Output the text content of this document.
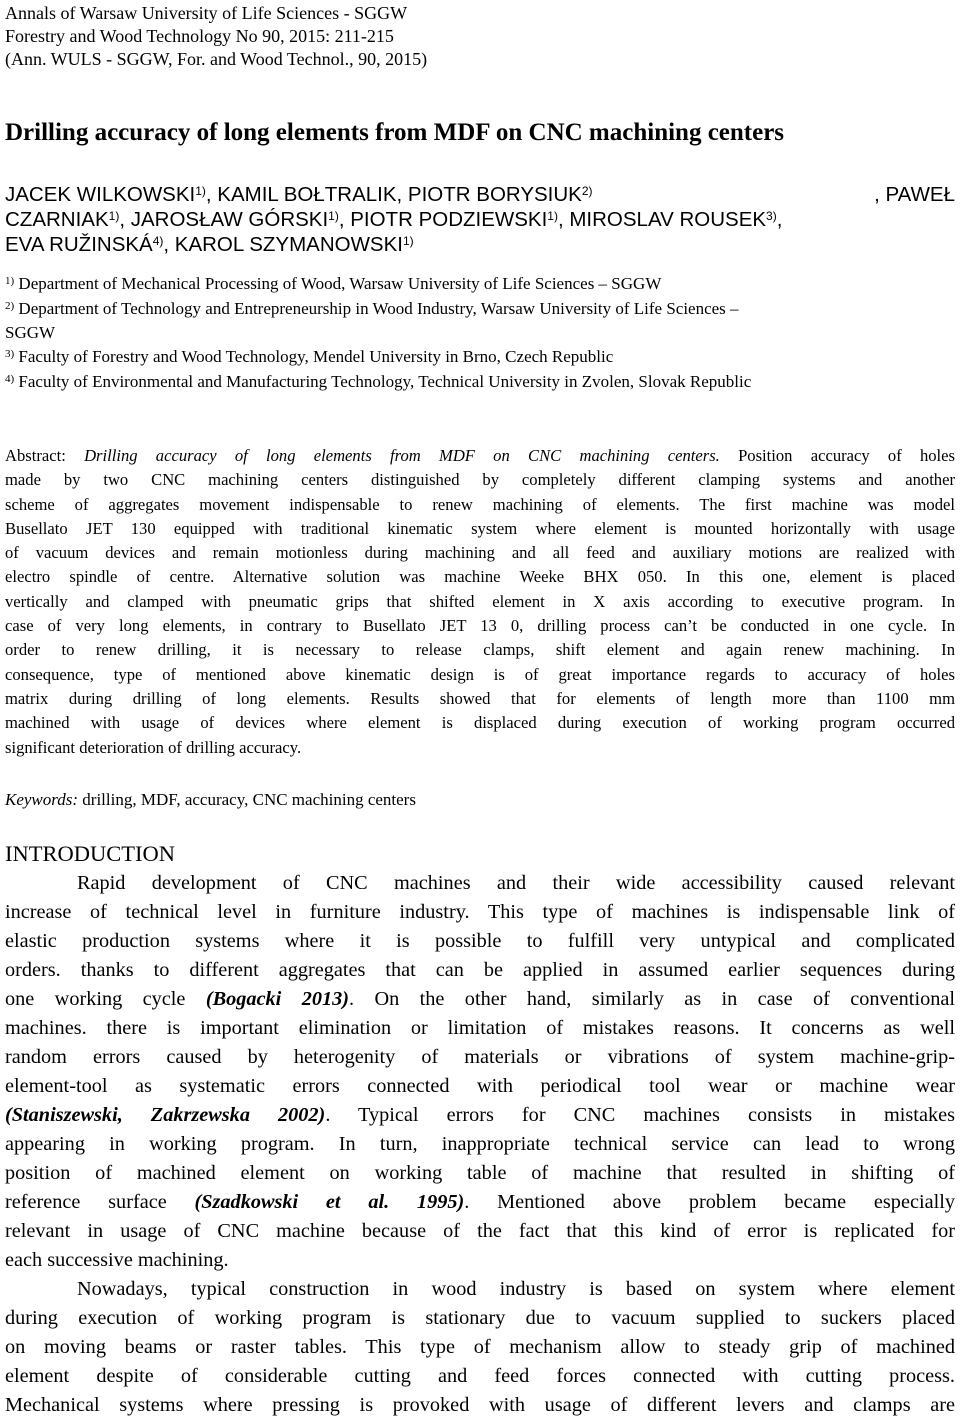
Annals of Warsaw University of Life Sciences - SGGW
Forestry and Wood Technology No 90, 2015: 211-215
(Ann. WULS - SGGW, For. and Wood Technol., 90, 2015)
Drilling accuracy of long elements from MDF on CNC machining centers
JACEK WILKOWSKI$^{1)}$, KAMIL BOŁTRALIK, PIOTR BORYSIUK$^{2)}$	, PAWEŁ
CZARNIAK$^{1)}$, JAROSŁAW GÓRSKI$^{1)}$, PIOTR PODZIEWSKI$^{1)}$, MIROSLAV ROUSEK$^{3)}$,
EVA RUŽINSKÁ$^{4)}$, KAROL SZYMANOWSKI$^{1)}$
$^{1)}$ Department of Mechanical Processing of Wood, Warsaw University of Life Sciences – SGGW
$^{2)}$ Department of Technology and Entrepreneurship in Wood Industry, Warsaw University of Life Sciences –
SGGW
$^{3)}$ Faculty of Forestry and Wood Technology, Mendel University in Brno, Czech Republic
$^{4)}$ Faculty of Environmental and Manufacturing Technology, Technical University in Zvolen, Slovak Republic
Abstract: Drilling accuracy of long elements from MDF on CNC machining centers. Position accuracy of holes
made by two CNC machining centers distinguished by completely different clamping systems and another
scheme of aggregates movement indispensable to renew machining of elements. The first machine was model
Busellato JET 130 equipped with traditional kinematic system where element is mounted horizontally with usage
of vacuum devices and remain motionless during machining and all feed and auxiliary motions are realized with
electro spindle of centre. Alternative solution was machine Weeke BHX 050. In this one, element is placed
vertically and clamped with pneumatic grips that shifted element in X axis according to executive program. In
case of very long elements, in contrary to Busellato JET 13 0, drilling process can’t be conducted in one cycle. In
order to renew drilling, it is necessary to release clamps, shift element and again renew machining. In
consequence, type of mentioned above kinematic design is of great importance regards to accuracy of holes
matrix during drilling of long elements. Results showed that for elements of length more than 1100 mm
machined with usage of devices where element is displaced during execution of working program occurred
significant deterioration of drilling accuracy.
Keywords: drilling, MDF, accuracy, CNC machining centers
INTRODUCTION
Rapid development of CNC machines and their wide accessibility caused relevant
increase of technical level in furniture industry. This type of machines is indispensable link of
elastic production systems where it is possible to fulfill very untypical and complicated
orders. thanks to different aggregates that can be applied in assumed earlier sequences during
one working cycle (Bogacki 2013). On the other hand, similarly as in case of conventional
machines. there is important elimination or limitation of mistakes reasons. It concerns as well
random errors caused by heterogenity of materials or vibrations of system machine-grip-
element-tool as systematic errors connected with periodical tool wear or machine wear
(Staniszewski, Zakrzewska 2002). Typical errors for CNC machines consists in mistakes
appearing in working program. In turn, inappropriate technical service can lead to wrong
position of machined element on working table of machine that resulted in shifting of
reference surface (Szadkowski et al. 1995). Mentioned above problem became especially
relevant in usage of CNC machine because of the fact that this kind of error is replicated for
each successive machining.
Nowadays, typical construction in wood industry is based on system where element
during execution of working program is stationary due to vacuum supplied to suckers placed
on moving beams or raster tables. This type of mechanism allow to steady grip of machined
element despite of considerable cutting and feed forces connected with cutting process.
Mechanical systems where pressing is provoked with usage of different levers and clamps are
